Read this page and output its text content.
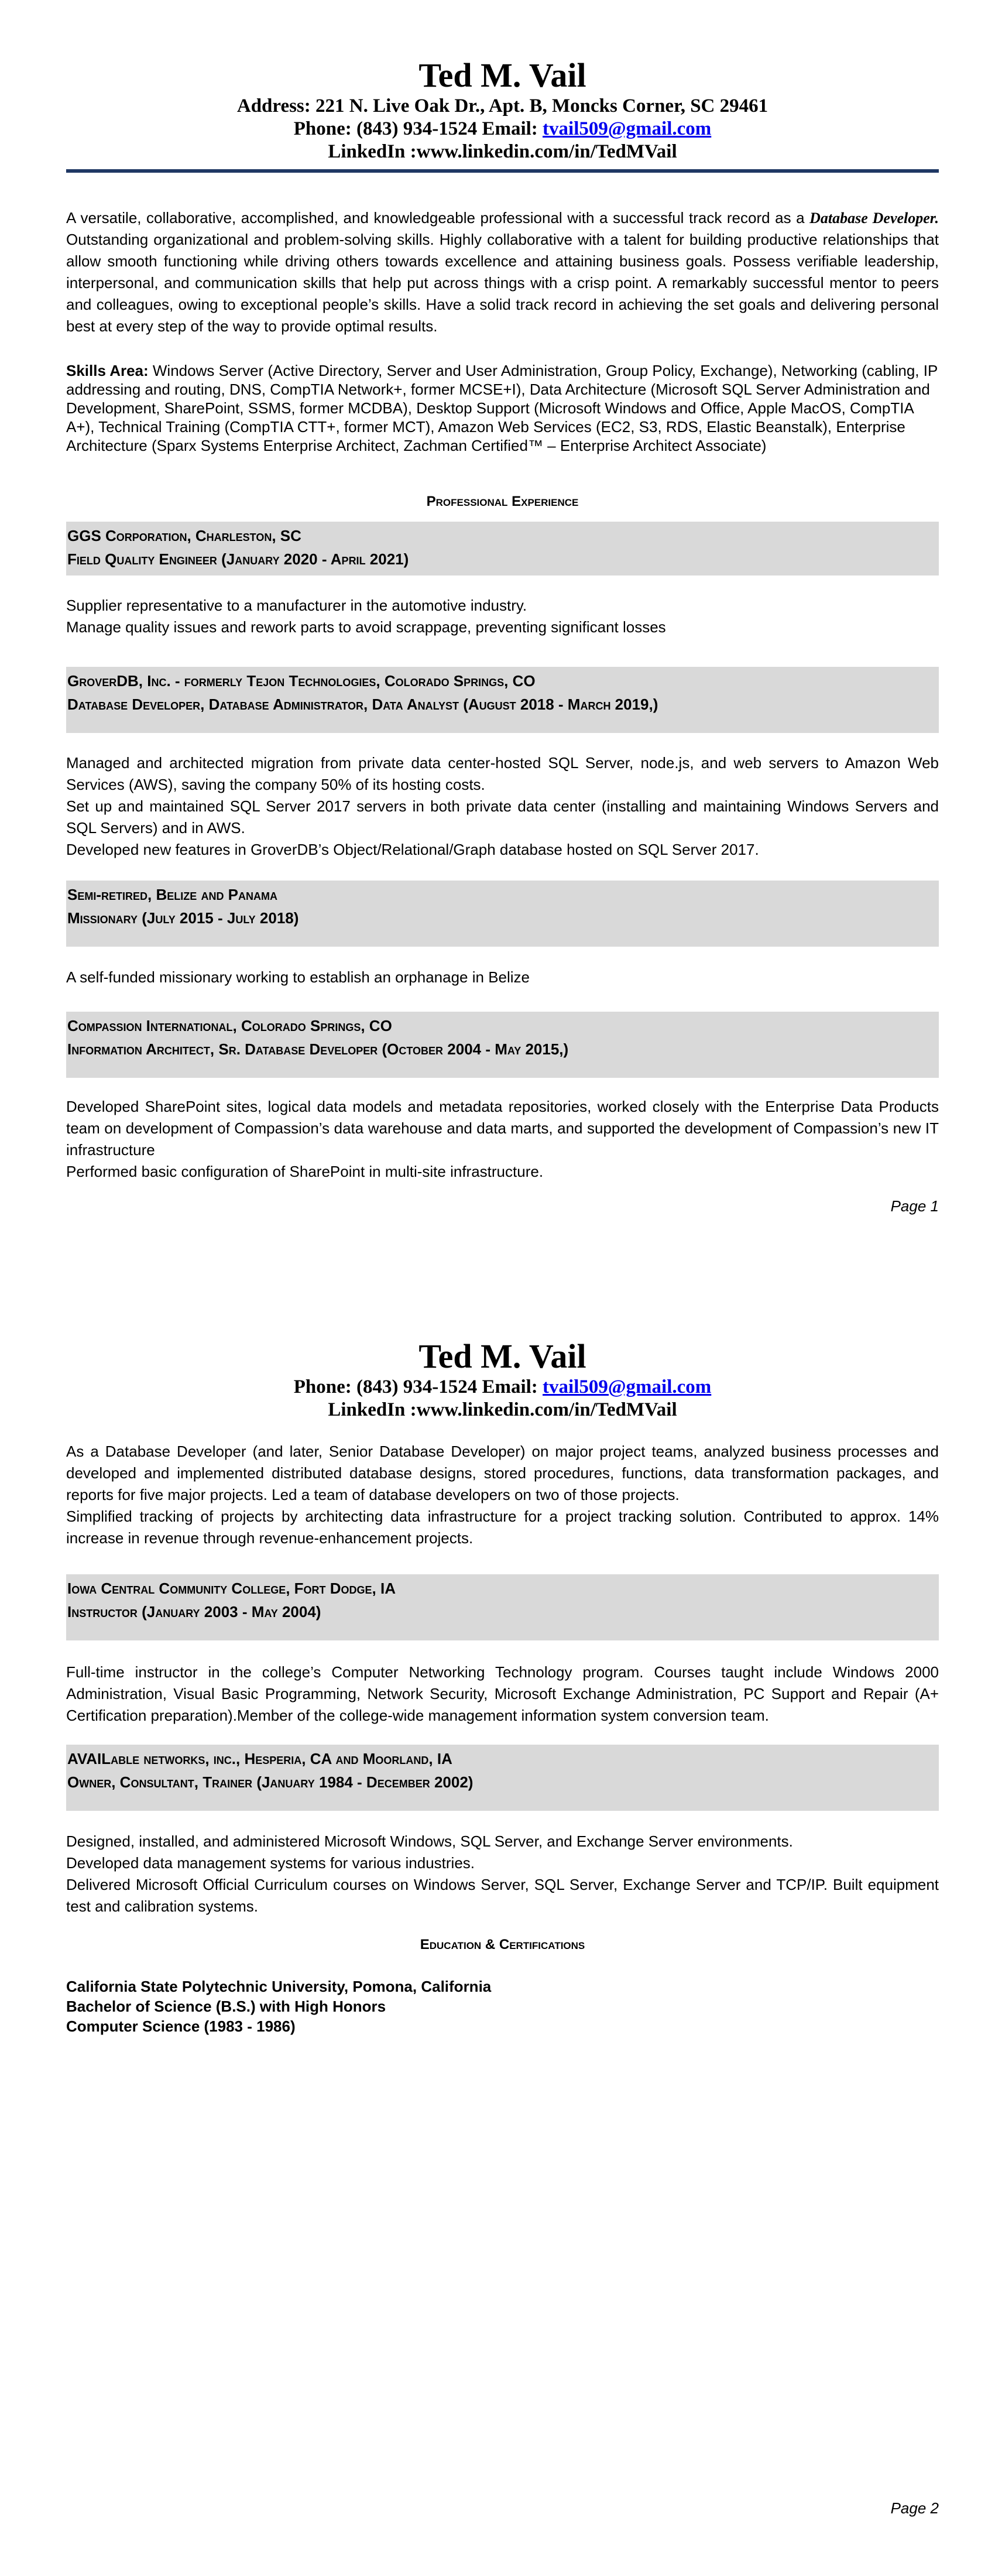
Ted M. Vail
Address: 221 N. Live Oak Dr., Apt. B, Moncks Corner, SC 29461
Phone: (843) 934-1524 Email: tvail509@gmail.com
LinkedIn :www.linkedin.com/in/TedMVail

A versatile, collaborative, accomplished, and knowledgeable professional with a successful track record as a Database Developer. Outstanding organizational and problem-solving skills. Highly collaborative with a talent for building productive relationships that allow smooth functioning while driving others towards excellence and attaining business goals. Possess verifiable leadership, interpersonal, and communication skills that help put across things with a crisp point. A remarkably successful mentor to peers and colleagues, owing to exceptional people’s skills. Have a solid track record in achieving the set goals and delivering personal best at every step of the way to provide optimal results.

Skills Area: Windows Server (Active Directory, Server and User Administration, Group Policy, Exchange), Networking (cabling, IP addressing and routing, DNS, CompTIA Network+, former MCSE+I), Data Architecture (Microsoft SQL Server Administration and Development, SharePoint, SSMS, former MCDBA), Desktop Support (Microsoft Windows and Office, Apple MacOS, CompTIA A+), Technical Training (CompTIA CTT+, former MCT), Amazon Web Services (EC2, S3, RDS, Elastic Beanstalk), Enterprise Architecture (Sparx Systems Enterprise Architect, Zachman Certified™ – Enterprise Architect Associate)
Professional Experience
GGS Corporation, Charleston, SC
Field Quality Engineer (January 2020 - April 2021)

Supplier representative to a manufacturer in the automotive industry.

Manage quality issues and rework parts to avoid scrappage, preventing significant losses

GroverDB, Inc. - formerly Tejon Technologies, Colorado Springs, CO
Database Developer, Database Administrator, Data Analyst (August 2018 - March 2019,)

Managed and architected migration from private data center-hosted SQL Server, node.js, and web servers to Amazon Web Services (AWS), saving the company 50% of its hosting costs.

Set up and maintained SQL Server 2017 servers in both private data center (installing and maintaining Windows Servers and SQL Servers) and in AWS.

Developed new features in GroverDB’s Object/Relational/Graph database hosted on SQL Server 2017.

Semi-retired, Belize and Panama
Missionary (July 2015 - July 2018)

A self-funded missionary working to establish an orphanage in Belize

Compassion International, Colorado Springs, CO
Information Architect, Sr. Database Developer (October 2004 - May 2015,)

Developed SharePoint sites, logical data models and metadata repositories, worked closely with the Enterprise Data Products team on development of Compassion’s data warehouse and data marts, and supported the development of Compassion’s new IT infrastructure

Performed basic configuration of SharePoint in multi-site infrastructure.

Page 1
Ted M. Vail
Phone: (843) 934-1524 Email: tvail509@gmail.com
LinkedIn :www.linkedin.com/in/TedMVail

As a Database Developer (and later, Senior Database Developer) on major project teams, analyzed business processes and developed and implemented distributed database designs, stored procedures, functions, data transformation packages, and reports for five major projects. Led a team of database developers on two of those projects.

Simplified tracking of projects by architecting data infrastructure for a project tracking solution. Contributed to approx. 14% increase in revenue through revenue-enhancement projects.

Iowa Central Community College, Fort Dodge, IA
Instructor (January 2003 - May 2004)

Full-time instructor in the college’s Computer Networking Technology program. Courses taught include Windows 2000 Administration, Visual Basic Programming, Network Security, Microsoft Exchange Administration, PC Support and Repair (A+ Certification preparation).Member of the college-wide management information system conversion team.

AVAILable networks, inc., Hesperia, CA and Moorland, IA
Owner, Consultant, Trainer (January 1984 - December 2002)

Designed, installed, and administered Microsoft Windows, SQL Server, and Exchange Server environments.

Developed data management systems for various industries.

Delivered Microsoft Official Curriculum courses on Windows Server, SQL Server, Exchange Server and TCP/IP. Built equipment test and calibration systems.

Education & Certifications
California State Polytechnic University, Pomona, California
Bachelor of Science (B.S.) with High Honors
Computer Science (1983 - 1986)
Page 2
